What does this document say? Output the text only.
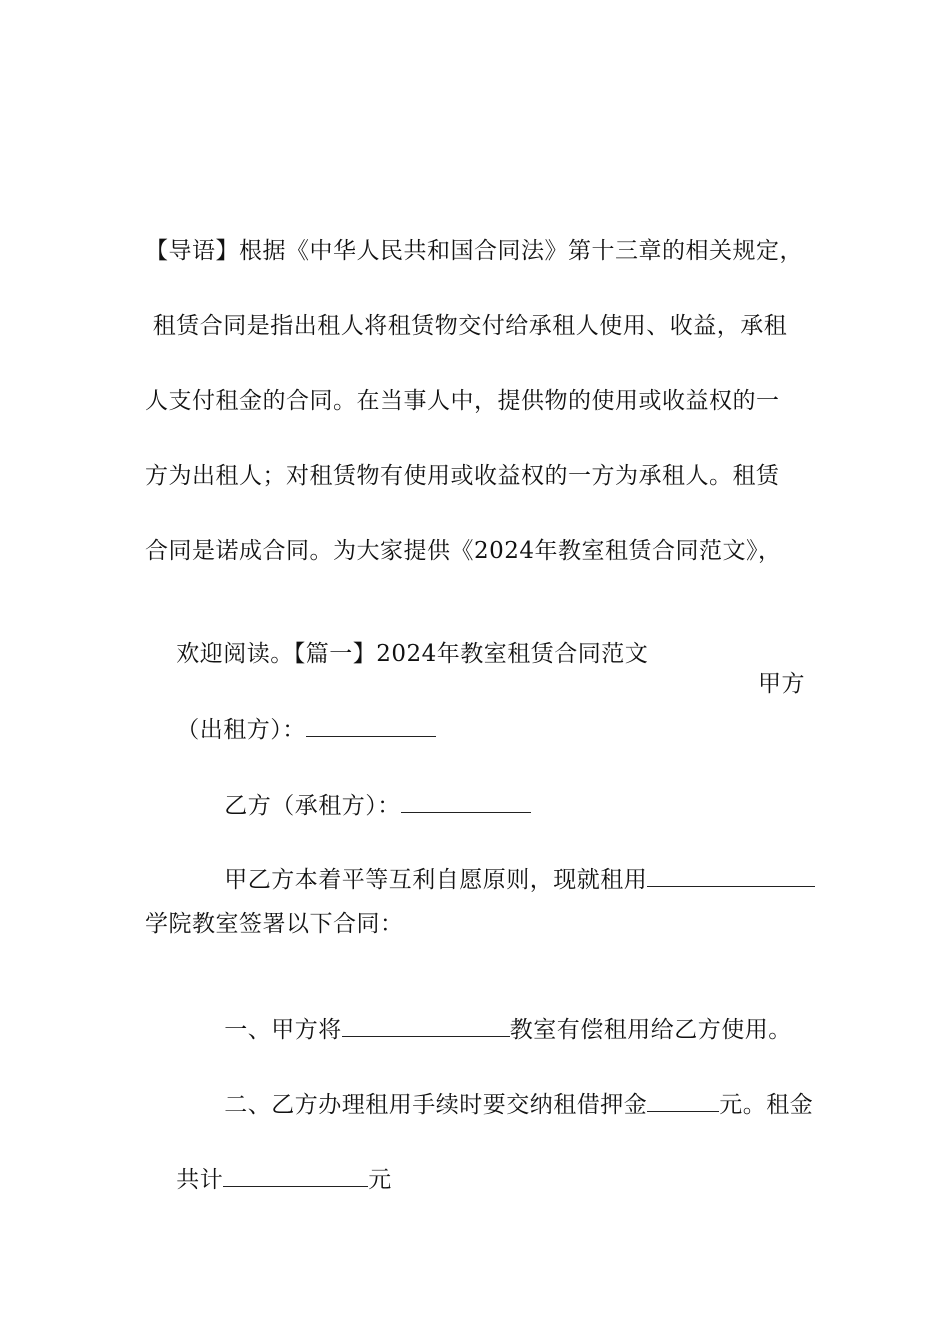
【导语】根据《中华人民共和国合同法》第十三章的相关规定，
租赁合同是指出租人将租赁物交付给承租人使用、收益，承租
人支付租金的合同。在当事人中，提供物的使用或收益权的一
方为出租人；对租赁物有使用或收益权的一方为承租人。租赁
合同是诺成合同。为大家提供《2024年教室租赁合同范文》，

欢迎阅读。【篇一】2024年教室租赁合同范文

甲方

（出租方）：

乙方（承租方）：

甲乙方本着平等互利自愿原则，现就租用

学院教室签署以下合同：

一、甲方将	教室有偿租用给乙方使用。

二、乙方办理租用手续时要交纳租借押金	元。租金

共计	元
